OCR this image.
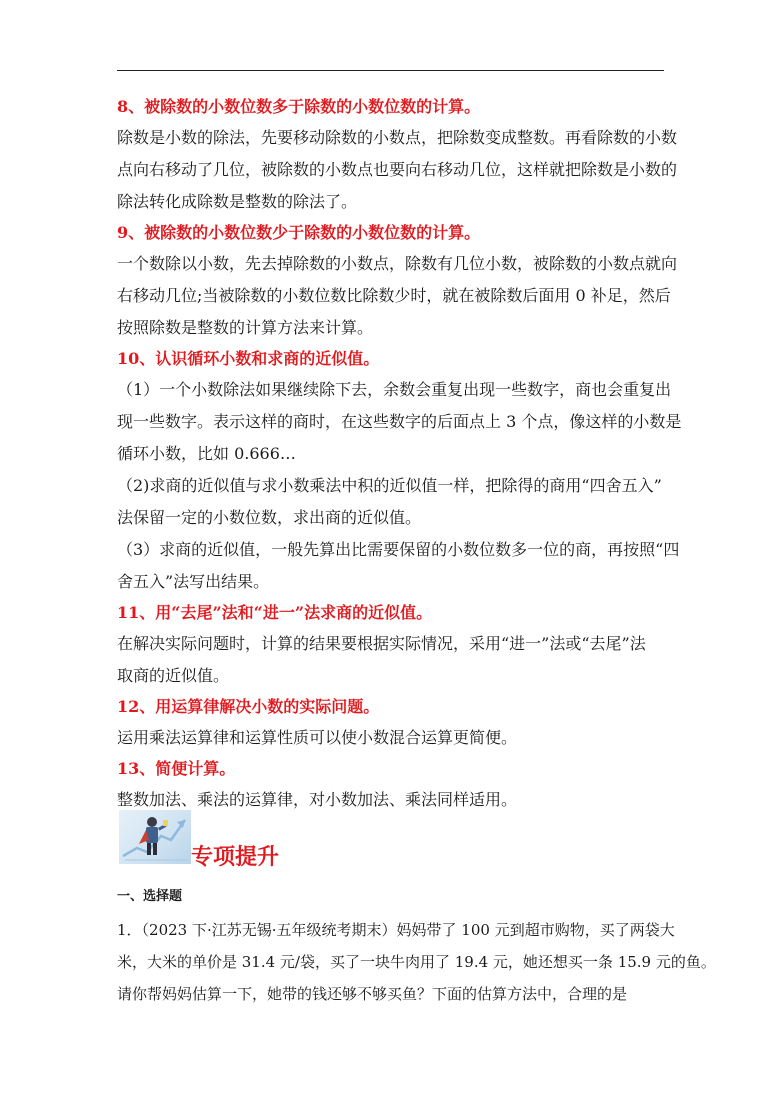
8、被除数的小数位数多于除数的小数位数的计算。

除数是小数的除法，先要移动除数的小数点，把除数变成整数。再看除数的小数
点向右移动了几位，被除数的小数点也要向右移动几位，这样就把除数是小数的
除法转化成除数是整数的除法了。

9、被除数的小数位数少于除数的小数位数的计算。

一个数除以小数，先去掉除数的小数点，除数有几位小数，被除数的小数点就向
右移动几位;当被除数的小数位数比除数少时，就在被除数后面用 0 补足，然后
按照除数是整数的计算方法来计算。

10、认识循环小数和求商的近似值。

（1）一个小数除法如果继续除下去，余数会重复出现一些数字，商也会重复出
现一些数字。表示这样的商时，在这些数字的后面点上 3 个点，像这样的小数是
循环小数，比如 0.666…
（2)求商的近似值与求小数乘法中积的近似值一样，把除得的商用“四舍五入”
法保留一定的小数位数，求出商的近似值。
（3）求商的近似值，一般先算出比需要保留的小数位数多一位的商，再按照“四
舍五入”法写出结果。

11、用“去尾”法和“进一”法求商的近似值。

在解决实际问题时，计算的结果要根据实际情况，采用“进一”法或“去尾”法
取商的近似值。

12、用运算律解决小数的实际问题。

运用乘法运算律和运算性质可以使小数混合运算更简便。

13、简便计算。

整数加法、乘法的运算律，对小数加法、乘法同样适用。

专项提升
一、选择题
1．（2023 下·江苏无锡·五年级统考期末）妈妈带了 100 元到超市购物，买了两袋大
米，大米的单价是 31.4 元/袋，买了一块牛肉用了 19.4 元，她还想买一条 15.9 元的鱼。
请你帮妈妈估算一下，她带的钱还够不够买鱼？下面的估算方法中，合理的是
